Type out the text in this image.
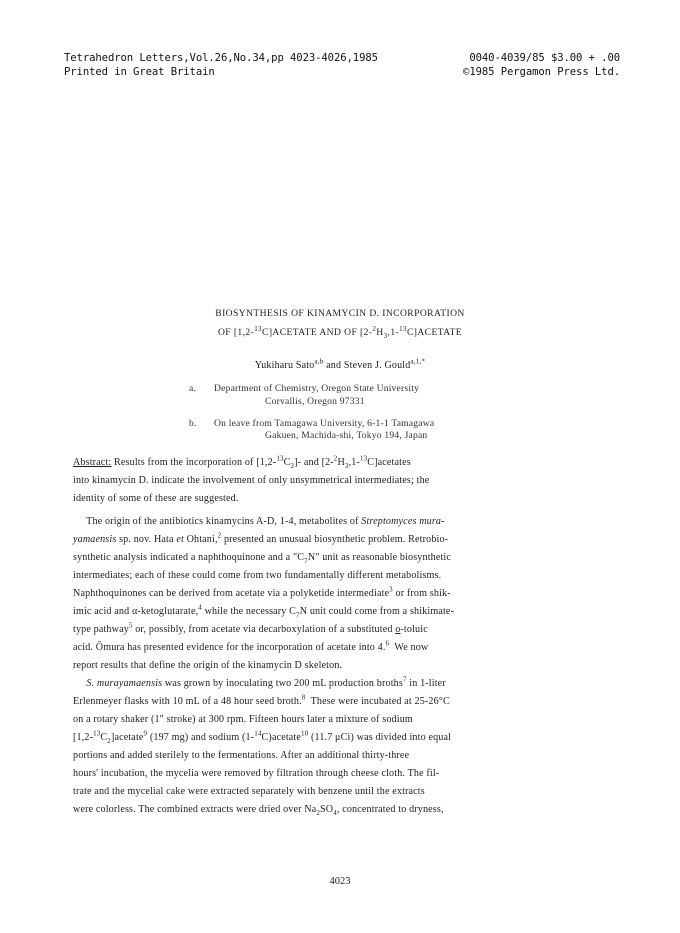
Tetrahedron Letters,Vol.26,No.34,pp 4023-4026,1985
Printed in Great Britain
0040-4039/85 $3.00 + .00
©1985 Pergamon Press Ltd.
BIOSYNTHESIS OF KINAMYCIN D. INCORPORATION
OF [1,2-$^{13}$C]ACETATE AND OF $[2-^2H_3,1-^{13}C]ACETATE$
Yukiharu Sato$^{a,b}$ and Steven J. Gould$^{a,1,*}$
a. Department of Chemistry, Oregon State University
Corvallis, Oregon 97331
b. On leave from Tamagawa University, 6-1-1 Tamagawa
Gakuen, Machida-shi, Tokyo 194, Japan
Abstract: Results from the incorporation of $[1,2-^{13}C_2]-$ and $[2-^2H_3,1-^{13}C]acetates$
into kinamycin D. indicate the involvement of only unsymmetrical intermediates; the
identity of some of these are suggested.
The origin of the antibiotics kinamycins A-D, 1-4, metabolites of Streptomyces mura-
yamaensis sp. nov. Hata et Ohtani,$^2$ presented an unusual biosynthetic problem. Retrobio-
synthetic analysis indicated a naphthoquinone and a "$C_7N$" unit as reasonable biosynthetic
intermediates; each of these could come from two fundamentally different metabolisms.
Naphthoquinones can be derived from acetate via a polyketide intermediate$^3$ or from shik-
imic acid and α-ketoglutarate,$^4$ while the necessary $C_7N$ unit could come from a shikimate-
type pathway$^5$ or, possibly, from acetate via decarboxylation of a substituted o-toluic
acid. Ōmura has presented evidence for the incorporation of acetate into 4.$^6$  We now
report results that define the origin of the kinamycin D skeleton.
S. murayamaensis was grown by inoculating two 200 mL production broths$^7$ in 1-liter
Erlenmeyer flasks with 10 mL of a 48 hour seed broth.$^8$  These were incubated at 25-26°C
on a rotary shaker (1" stroke) at 300 rpm. Fifteen hours later a mixture of sodium
$[1,2-^{13}C_2]acetate^9$ (197 mg) and sodium (1-$^{14}$C)acetate$^{10}$ (11.7 μCi) was divided into equal
portions and added sterilely to the fermentations. After an additional thirty-three
hours' incubation, the mycelia were removed by filtration through cheese cloth. The fil-
trate and the mycelial cake were extracted separately with benzene until the extracts
were colorless. The combined extracts were dried over $Na_2SO_4$, concentrated to dryness,
4023
